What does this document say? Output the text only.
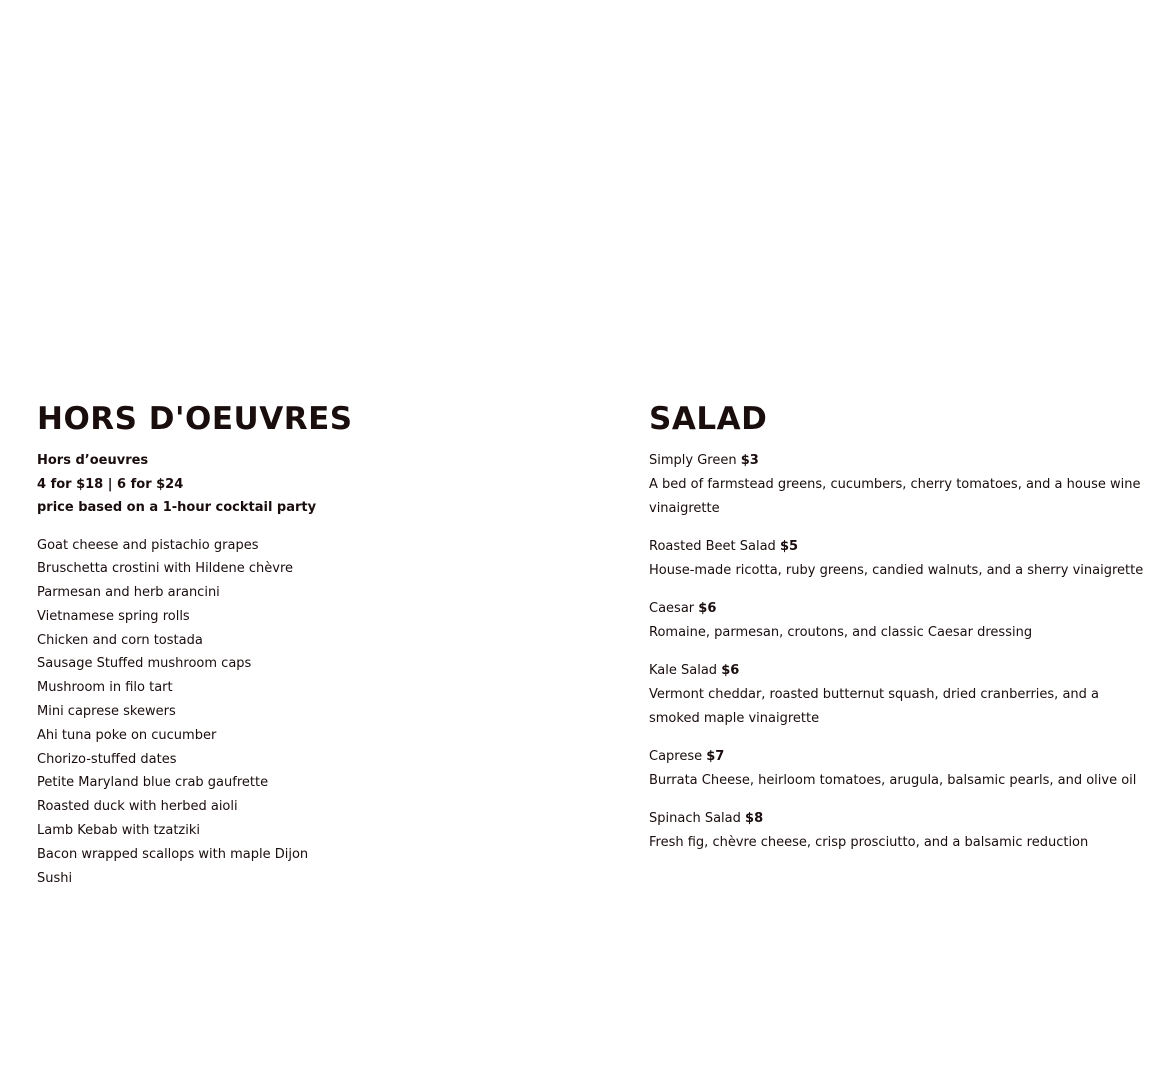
HORS D'OEUVRES
Hors d’oeuvres
4 for $18 | 6 for $24
price based on a 1-hour cocktail party
Goat cheese and pistachio grapes
Bruschetta crostini with Hildene chèvre
Parmesan and herb arancini
Vietnamese spring rolls
Chicken and corn tostada
Sausage Stuffed mushroom caps
Mushroom in filo tart
Mini caprese skewers
Ahi tuna poke on cucumber
Chorizo-stuffed dates
Petite Maryland blue crab gaufrette
Roasted duck with herbed aioli
Lamb Kebab with tzatziki
Bacon wrapped scallops with maple Dijon
Sushi
SALAD
Simply Green $3
A bed of farmstead greens, cucumbers, cherry tomatoes, and a house wine vinaigrette
Roasted Beet Salad $5
House-made ricotta, ruby greens, candied walnuts, and a sherry vinaigrette
Caesar $6
Romaine, parmesan, croutons, and classic Caesar dressing
Kale Salad $6
Vermont cheddar, roasted butternut squash, dried cranberries, and a smoked maple vinaigrette
Caprese $7
Burrata Cheese, heirloom tomatoes, arugula, balsamic pearls, and olive oil
Spinach Salad $8
Fresh fig, chèvre cheese, crisp prosciutto, and a balsamic reduction
